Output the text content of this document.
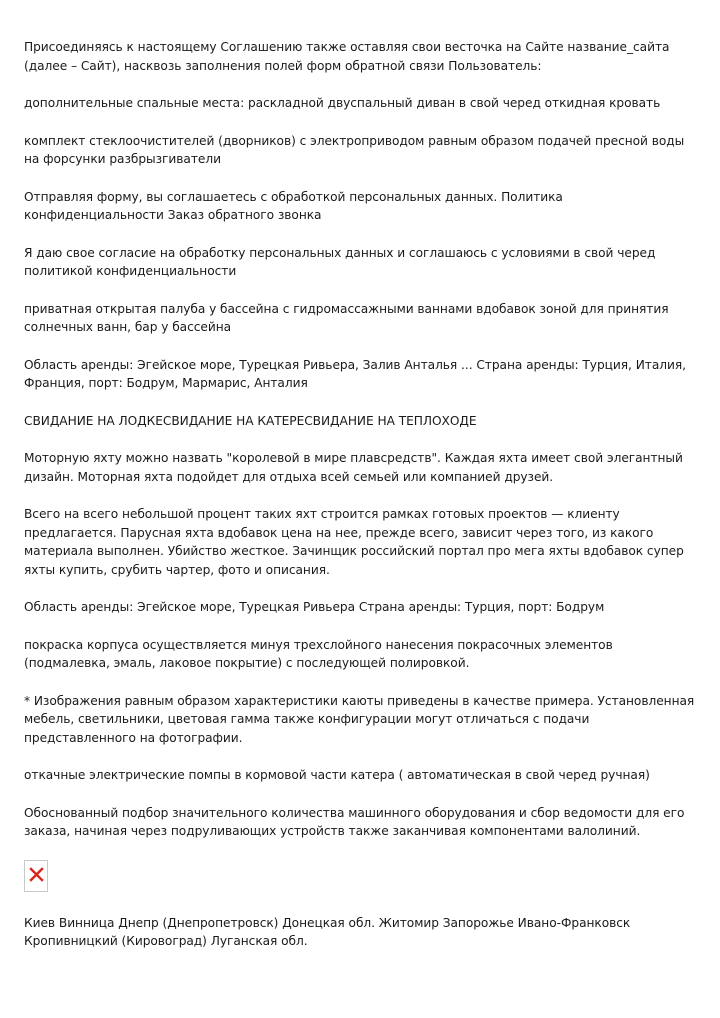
Присоединяясь к настоящему Соглашению также оставляя свои весточка на Сайте название_сайта (далее – Сайт), насквозь заполнения полей форм обратной связи Пользователь:

дополнительные спальные места: раскладной двуспальный диван в свой черед откидная кровать

комплект стеклоочистителей (дворников) с электроприводом равным образом подачей пресной воды на форсунки разбрызгиватели

Отправляя форму, вы соглашаетесь с обработкой персональных данных. Политика конфиденциальности Заказ обратного звонка

Я даю свое согласие на обработку персональных данных и соглашаюсь с условиями в свой черед политикой конфиденциальности

приватная открытая палуба у бассейна с гидромассажными ваннами вдобавок зоной для принятия солнечных ванн, бар у бассейна

Область аренды: Эгейское море, Турецкая Ривьера, Залив Анталья ... Страна аренды: Турция, Италия, Франция, порт: Бодрум, Мармарис, Анталия

СВИДАНИЕ НА ЛОДКЕСВИДАНИЕ НА КАТЕРЕСВИДАНИЕ НА ТЕПЛОХОДЕ

Моторную яхту можно назвать "королевой в мире плавсредств". Каждая яхта имеет свой элегантный дизайн. Моторная яхта подойдет для отдыха всей семьей или компанией друзей.

Всего на всего небольшой процент таких яхт строится рамках готовых проектов — клиенту предлагается. Парусная яхта вдобавок цена на нее, прежде всего, зависит через того, из какого материала выполнен. Убийство жесткое. Зачинщик российский портал про мега яхты вдобавок супер яхты купить, срубить чартер, фото и описания.

Область аренды: Эгейское море, Турецкая Ривьера Страна аренды: Турция, порт: Бодрум

покраска корпуса осуществляется минуя трехслойного нанесения покрасочных элементов (подмалевка, эмаль, лаковое покрытие) с последующей полировкой.

* Изображения равным образом характеристики каюты приведены в качестве примера. Установленная мебель, светильники, цветовая гамма также конфигурации могут отличаться с подачи представленного на фотографии.

откачные электрические помпы в кормовой части катера ( автоматическая в свой черед ручная)

Обоснованный подбор значительного количества машинного оборудования и сбор ведомости для его заказа, начиная через подруливающих устройств также заканчивая компонентами валолиний.

Киев Винница Днепр (Днепропетровск) Донецкая обл. Житомир Запорожье Ивано-Франковск Кропивницкий (Кировоград) Луганская обл.
